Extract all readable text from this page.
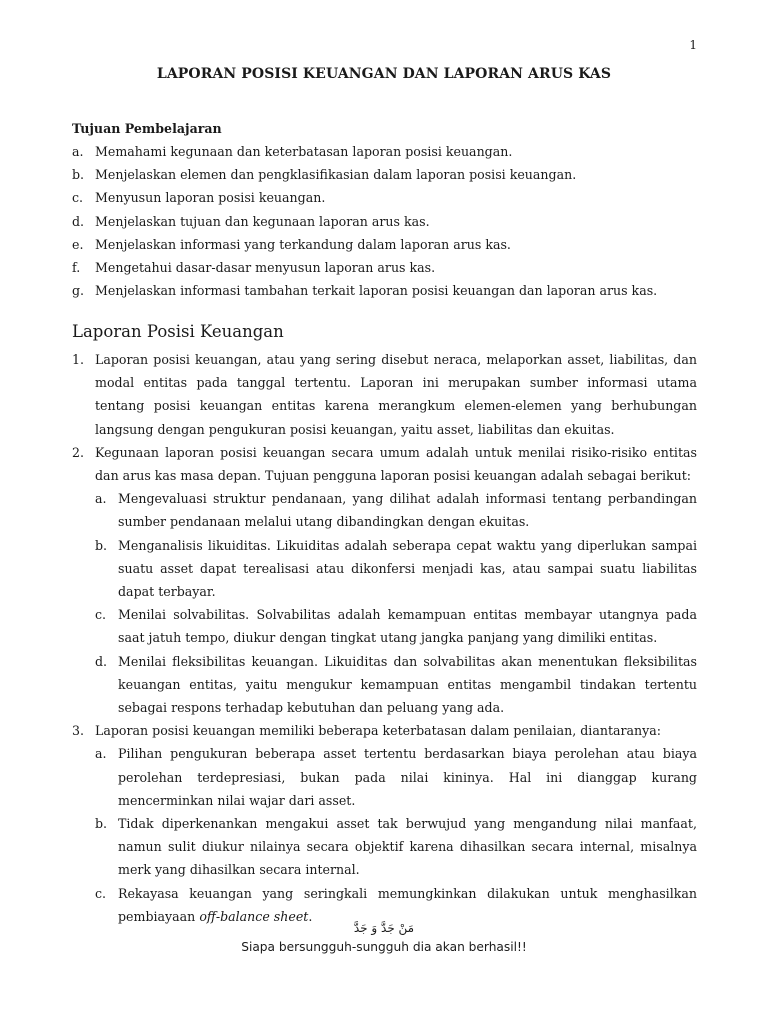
1
LAPORAN POSISI KEUANGAN DAN LAPORAN ARUS KAS
Tujuan Pembelajaran
a. Memahami kegunaan dan keterbatasan laporan posisi keuangan.
b. Menjelaskan elemen dan pengklasifikasian dalam laporan posisi keuangan.
c. Menyusun laporan posisi keuangan.
d. Menjelaskan tujuan dan kegunaan laporan arus kas.
e. Menjelaskan informasi yang terkandung dalam laporan arus kas.
f.	Mengetahui dasar-dasar menyusun laporan arus kas.
g. Menjelaskan informasi tambahan terkait laporan posisi keuangan dan laporan arus kas.
Laporan Posisi Keuangan
1. Laporan posisi keuangan, atau yang sering disebut neraca, melaporkan asset, liabilitas, dan modal entitas pada tanggal tertentu. Laporan ini merupakan sumber informasi utama tentang posisi keuangan entitas karena merangkum elemen-elemen yang berhubungan langsung dengan pengukuran posisi keuangan, yaitu asset, liabilitas dan ekuitas.
2. Kegunaan laporan posisi keuangan secara umum adalah untuk menilai risiko-risiko entitas dan arus kas masa depan. Tujuan pengguna laporan posisi keuangan adalah sebagai berikut:
a. Mengevaluasi struktur pendanaan, yang dilihat adalah informasi tentang perbandingan sumber pendanaan melalui utang dibandingkan dengan ekuitas.
b. Menganalisis likuiditas. Likuiditas adalah seberapa cepat waktu yang diperlukan sampai suatu asset dapat terealisasi atau dikonfersi menjadi kas, atau sampai suatu liabilitas dapat terbayar.
c. Menilai solvabilitas. Solvabilitas adalah kemampuan entitas membayar utangnya pada saat jatuh tempo, diukur dengan tingkat utang jangka panjang yang dimiliki entitas.
d. Menilai fleksibilitas keuangan. Likuiditas dan solvabilitas akan menentukan fleksibilitas keuangan entitas, yaitu mengukur kemampuan entitas mengambil tindakan tertentu sebagai respons terhadap kebutuhan dan peluang yang ada.
3. Laporan posisi keuangan memiliki beberapa keterbatasan dalam penilaian, diantaranya:
a. Pilihan pengukuran beberapa asset tertentu berdasarkan biaya perolehan atau biaya perolehan terdepresiasi, bukan pada nilai kininya. Hal ini dianggap kurang mencerminkan nilai wajar dari asset.
b. Tidak diperkenankan mengakui asset tak berwujud yang mengandung nilai manfaat, namun sulit diukur nilainya secara objektif karena dihasilkan secara internal, misalnya merk yang dihasilkan secara internal.
c. Rekayasa keuangan yang seringkali memungkinkan dilakukan untuk menghasilkan pembiayaan off-balance sheet.
مَنْ جَدَّ وَ جَدَّ
Siapa bersungguh-sungguh dia akan berhasil!!
